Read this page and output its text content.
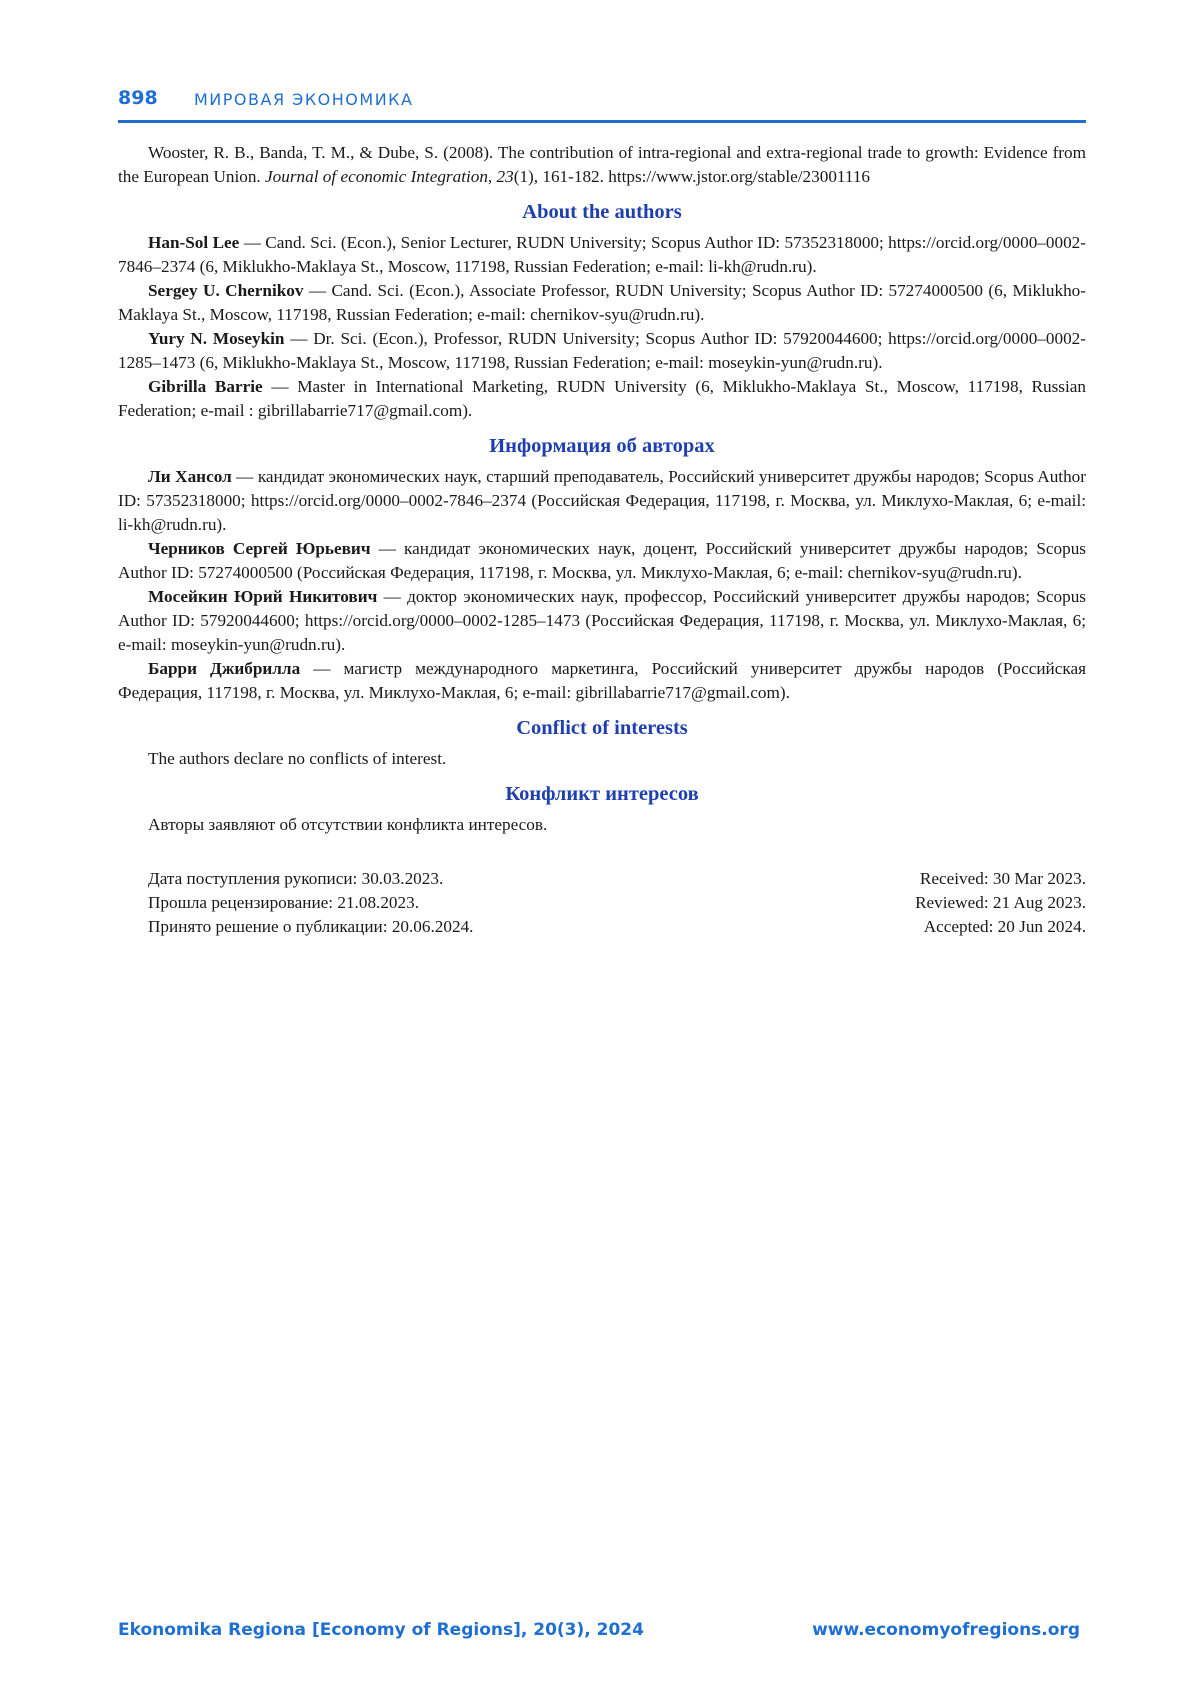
898 МИРОВАЯ ЭКОНОМИКА

Wooster, R. B., Banda, T. M., & Dube, S. (2008). The contribution of intra-regional and extra-regional trade to growth: Evidence from the European Union. Journal of economic Integration, 23(1), 161-182. https://www.jstor.org/stable/23001116

About the authors

Han-Sol Lee — Cand. Sci. (Econ.), Senior Lecturer, RUDN University; Scopus Author ID: 57352318000; https://orcid.org/0000–0002-7846–2374 (6, Miklukho-Maklaya St., Moscow, 117198, Russian Federation; e-mail: li-kh@rudn.ru).

Sergey U. Chernikov — Cand. Sci. (Econ.), Associate Professor, RUDN University; Scopus Author ID: 57274000500 (6, Miklukho-Maklaya St., Moscow, 117198, Russian Federation; e-mail: chernikov-syu@rudn.ru).

Yury N. Moseykin — Dr. Sci. (Econ.), Professor, RUDN University; Scopus Author ID: 57920044600; https://orcid.org/0000–0002-1285–1473 (6, Miklukho-Maklaya St., Moscow, 117198, Russian Federation; e-mail: moseykin-yun@rudn.ru).

Gibrilla Barrie — Master in International Marketing, RUDN University (6, Miklukho-Maklaya St., Moscow, 117198, Russian Federation; e-mail : gibrillabarrie717@gmail.com).

Информация об авторах

Ли Хансол — кандидат экономических наук, старший преподаватель, Российский университет дружбы народов; Scopus Author ID: 57352318000; https://orcid.org/0000–0002-7846–2374 (Российская Федерация, 117198, г. Москва, ул. Миклухо-Маклая, 6; e-mail: li-kh@rudn.ru).

Черников Сергей Юрьевич — кандидат экономических наук, доцент, Российский университет дружбы народов; Scopus Author ID: 57274000500 (Российская Федерация, 117198, г. Москва, ул. Миклухо-Маклая, 6; e-mail: chernikov-syu@rudn.ru).

Мосейкин Юрий Никитович — доктор экономических наук, профессор, Российский университет дружбы народов; Scopus Author ID: 57920044600; https://orcid.org/0000–0002-1285–1473 (Российская Федерация, 117198, г. Москва, ул. Миклухо-Маклая, 6; e-mail: moseykin-yun@rudn.ru).

Барри Джибрилла — магистр международного маркетинга, Российский университет дружбы народов (Российская Федерация, 117198, г. Москва, ул. Миклухо-Маклая, 6; e-mail: gibrillabarrie717@gmail.com).

Conflict of interests

The authors declare no conflicts of interest.

Конфликт интересов

Авторы заявляют об отсутствии конфликта интересов.

Дата поступления рукописи: 30.03.2023.
Прошла рецензирование: 21.08.2023.
Принято решение о публикации: 20.06.2024.
Received: 30 Mar 2023.
Reviewed: 21 Aug 2023.
Accepted: 20 Jun 2024.
Ekonomika Regiona [Economy of Regions], 20(3), 2024	www.economyofregions.org
